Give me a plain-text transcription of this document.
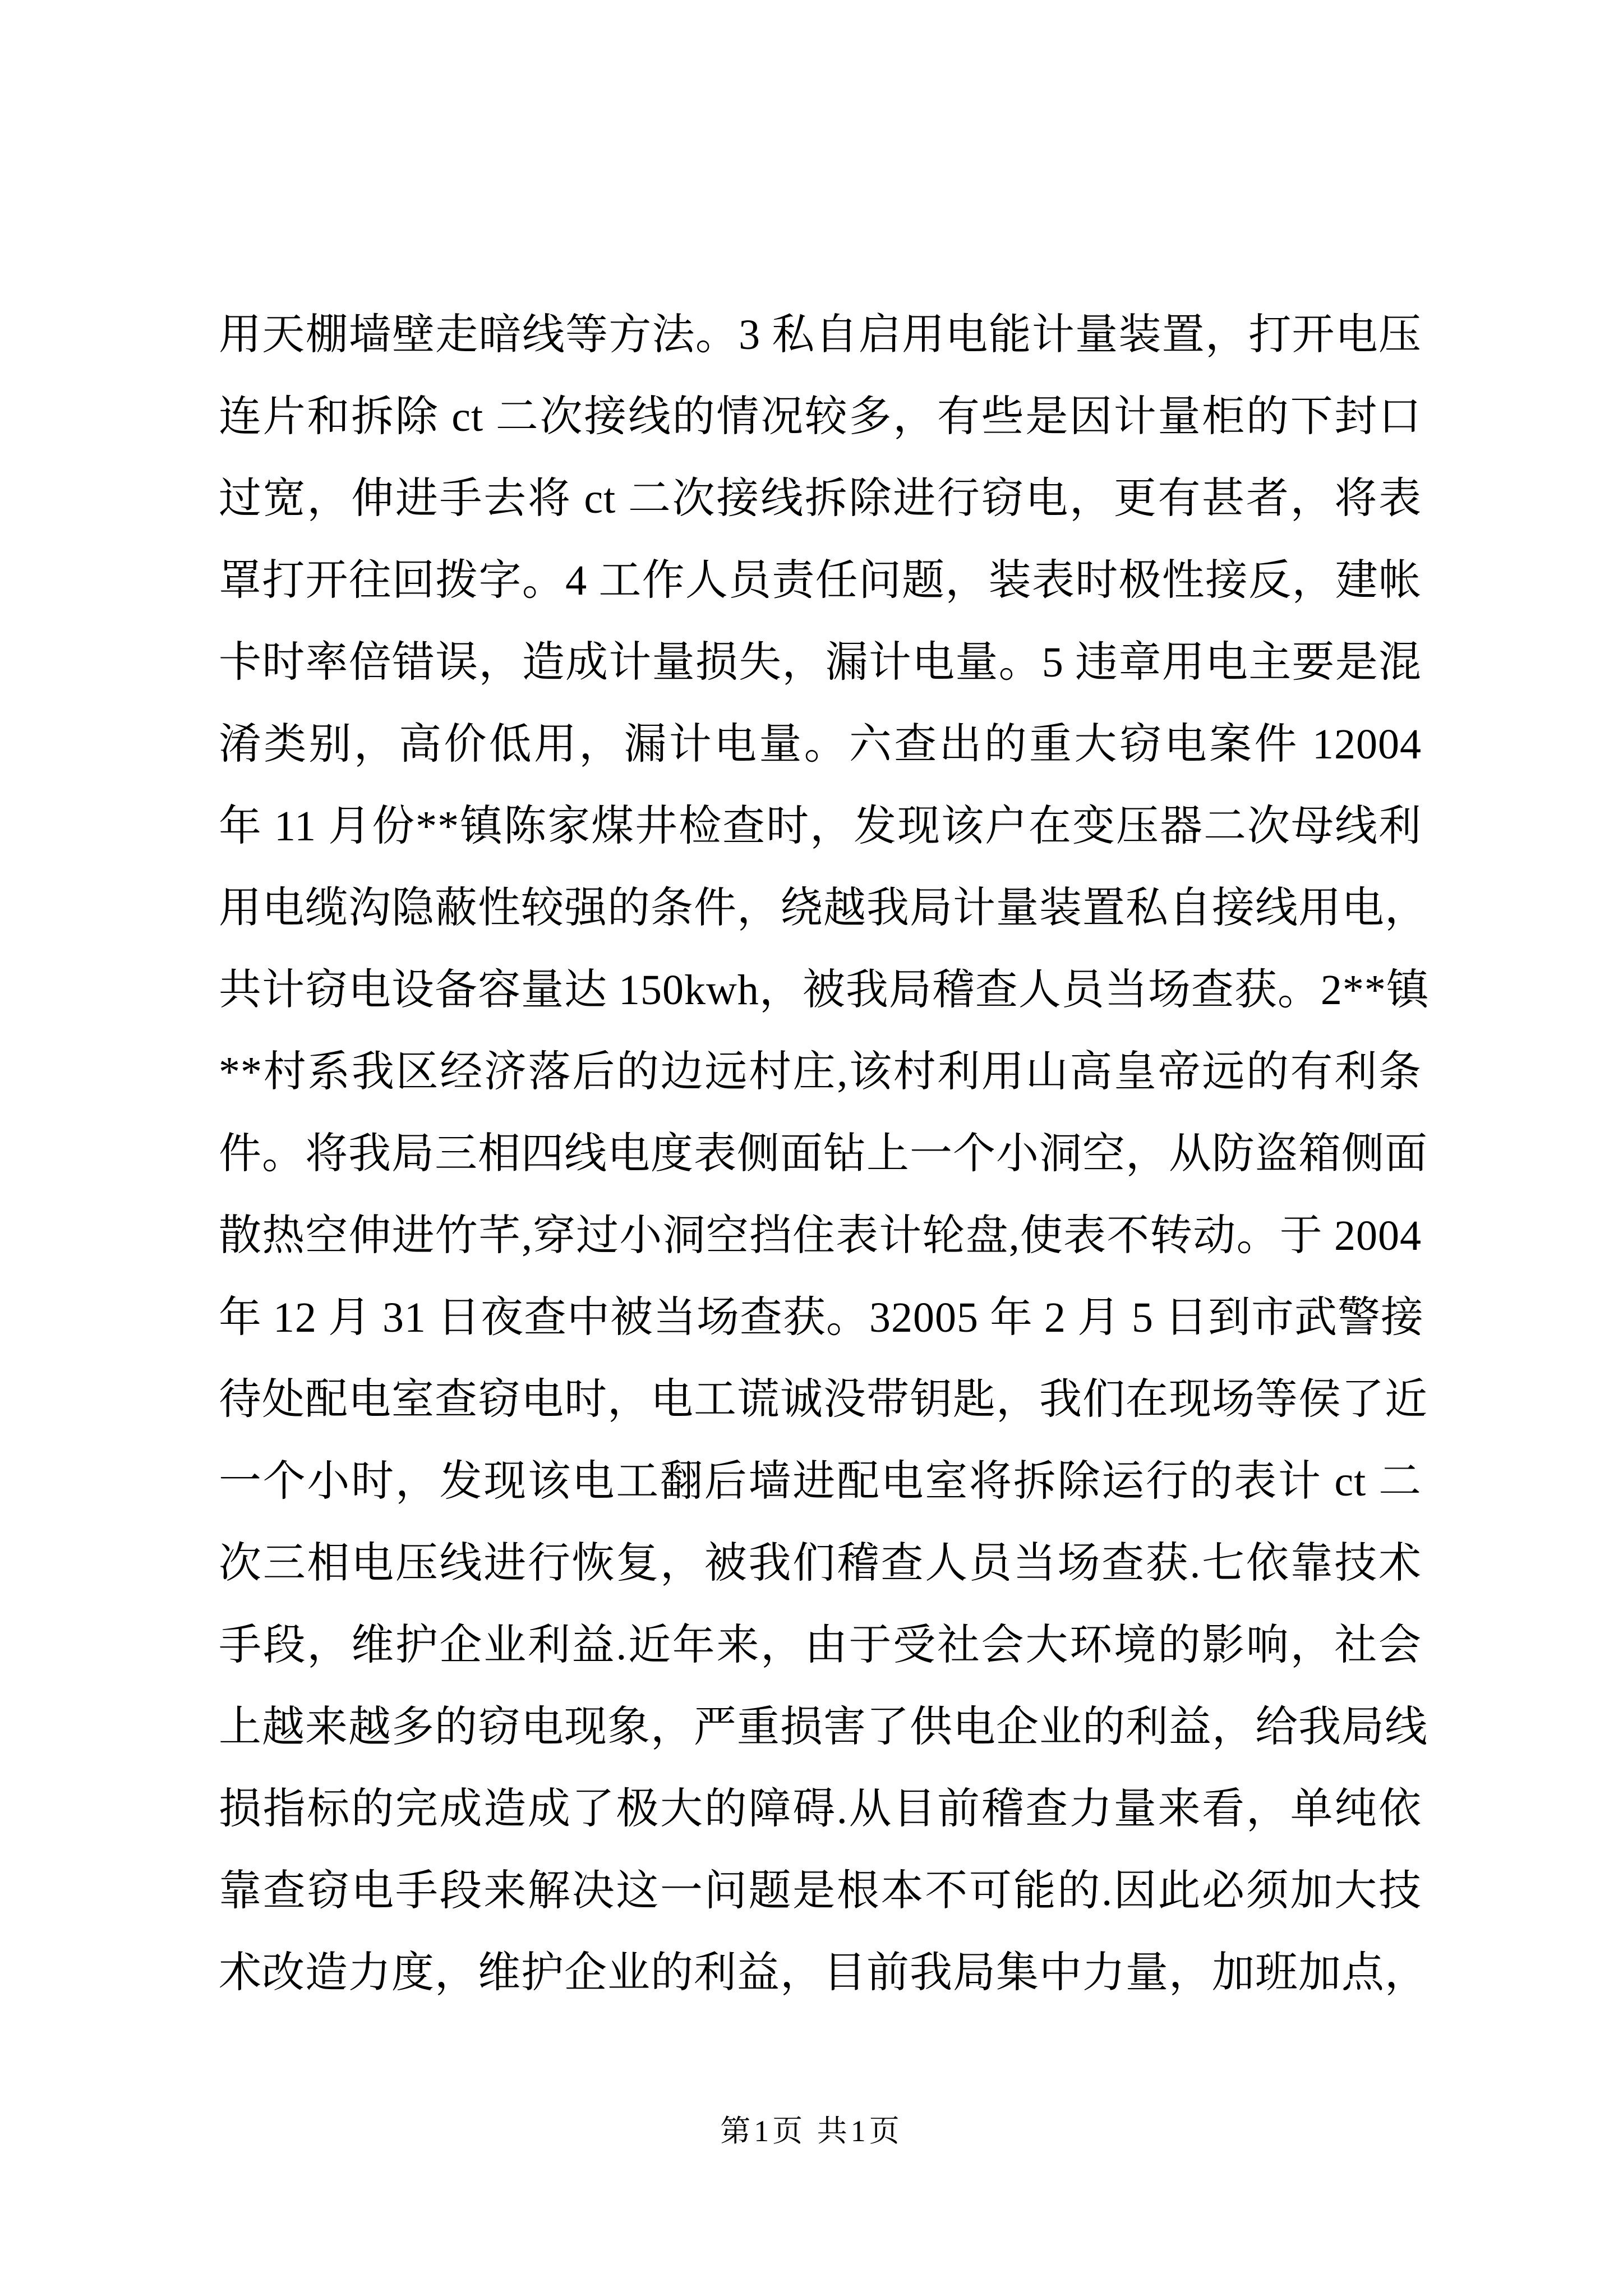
用天棚墙壁走暗线等方法。3 私自启用电能计量装置，打开电压
连片和拆除 ct 二次接线的情况较多，有些是因计量柜的下封口
过宽，伸进手去将 ct 二次接线拆除进行窃电，更有甚者，将表
罩打开往回拨字。4 工作人员责任问题，装表时极性接反，建帐
卡时率倍错误，造成计量损失，漏计电量。5 违章用电主要是混
淆类别，高价低用，漏计电量。六查出的重大窃电案件 12004
年 11 月份**镇陈家煤井检查时，发现该户在变压器二次母线利
用电缆沟隐蔽性较强的条件，绕越我局计量装置私自接线用电，
共计窃电设备容量达 150kwh，被我局稽查人员当场查获。2**镇
**村系我区经济落后的边远村庄,该村利用山高皇帝远的有利条
件。将我局三相四线电度表侧面钻上一个小洞空，从防盗箱侧面
散热空伸进竹芊,穿过小洞空挡住表计轮盘,使表不转动。于 2004
年 12 月 31 日夜查中被当场查获。32005 年 2 月 5 日到市武警接
待处配电室查窃电时，电工谎诚没带钥匙，我们在现场等侯了近
一个小时，发现该电工翻后墙进配电室将拆除运行的表计 ct 二
次三相电压线进行恢复，被我们稽查人员当场查获.七依靠技术
手段，维护企业利益.近年来，由于受社会大环境的影响，社会
上越来越多的窃电现象，严重损害了供电企业的利益，给我局线
损指标的完成造成了极大的障碍.从目前稽查力量来看，单纯依
靠查窃电手段来解决这一问题是根本不可能的.因此必须加大技
术改造力度，维护企业的利益，目前我局集中力量，加班加点，
第1页 共1页
